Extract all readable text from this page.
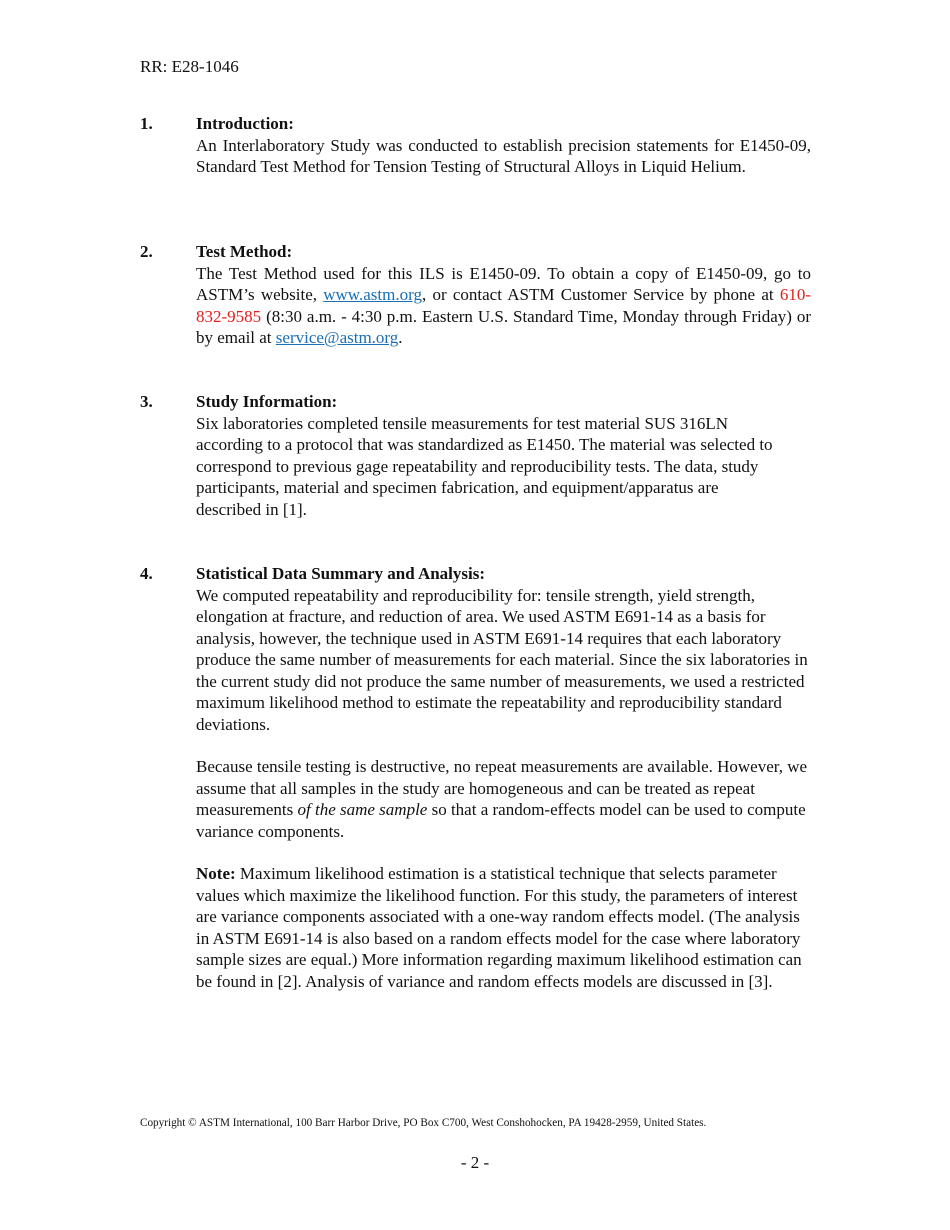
RR: E28-1046
1.	Introduction:

An Interlaboratory Study was conducted to establish precision statements for E1450-09, Standard Test Method for Tension Testing of Structural Alloys in Liquid Helium.

2.	Test Method:

The Test Method used for this ILS is E1450-09. To obtain a copy of E1450-09, go to ASTM’s website, www.astm.org, or contact ASTM Customer Service by phone at 610-832-9585 (8:30 a.m. - 4:30 p.m. Eastern U.S. Standard Time, Monday through Friday) or by email at service@astm.org.

3.	Study Information:

Six laboratories completed tensile measurements for test material SUS 316LN according to a protocol that was standardized as E1450. The material was selected to correspond to previous gage repeatability and reproducibility tests. The data, study participants, material and specimen fabrication, and equipment/apparatus are described in [1].

4.	Statistical Data Summary and Analysis:

We computed repeatability and reproducibility for: tensile strength, yield strength, elongation at fracture, and reduction of area. We used ASTM E691-14 as a basis for analysis, however, the technique used in ASTM E691-14 requires that each laboratory produce the same number of measurements for each material. Since the six laboratories in the current study did not produce the same number of measurements, we used a restricted maximum likelihood method to estimate the repeatability and reproducibility standard deviations.

Because tensile testing is destructive, no repeat measurements are available. However, we assume that all samples in the study are homogeneous and can be treated as repeat measurements of the same sample so that a random-effects model can be used to compute variance components.

Note: Maximum likelihood estimation is a statistical technique that selects parameter values which maximize the likelihood function. For this study, the parameters of interest are variance components associated with a one-way random effects model. (The analysis in ASTM E691-14 is also based on a random effects model for the case where laboratory sample sizes are equal.) More information regarding maximum likelihood estimation can be found in [2]. Analysis of variance and random effects models are discussed in [3].

Copyright © ASTM International, 100 Barr Harbor Drive, PO Box C700, West Conshohocken, PA 19428-2959, United States.
- 2 -
